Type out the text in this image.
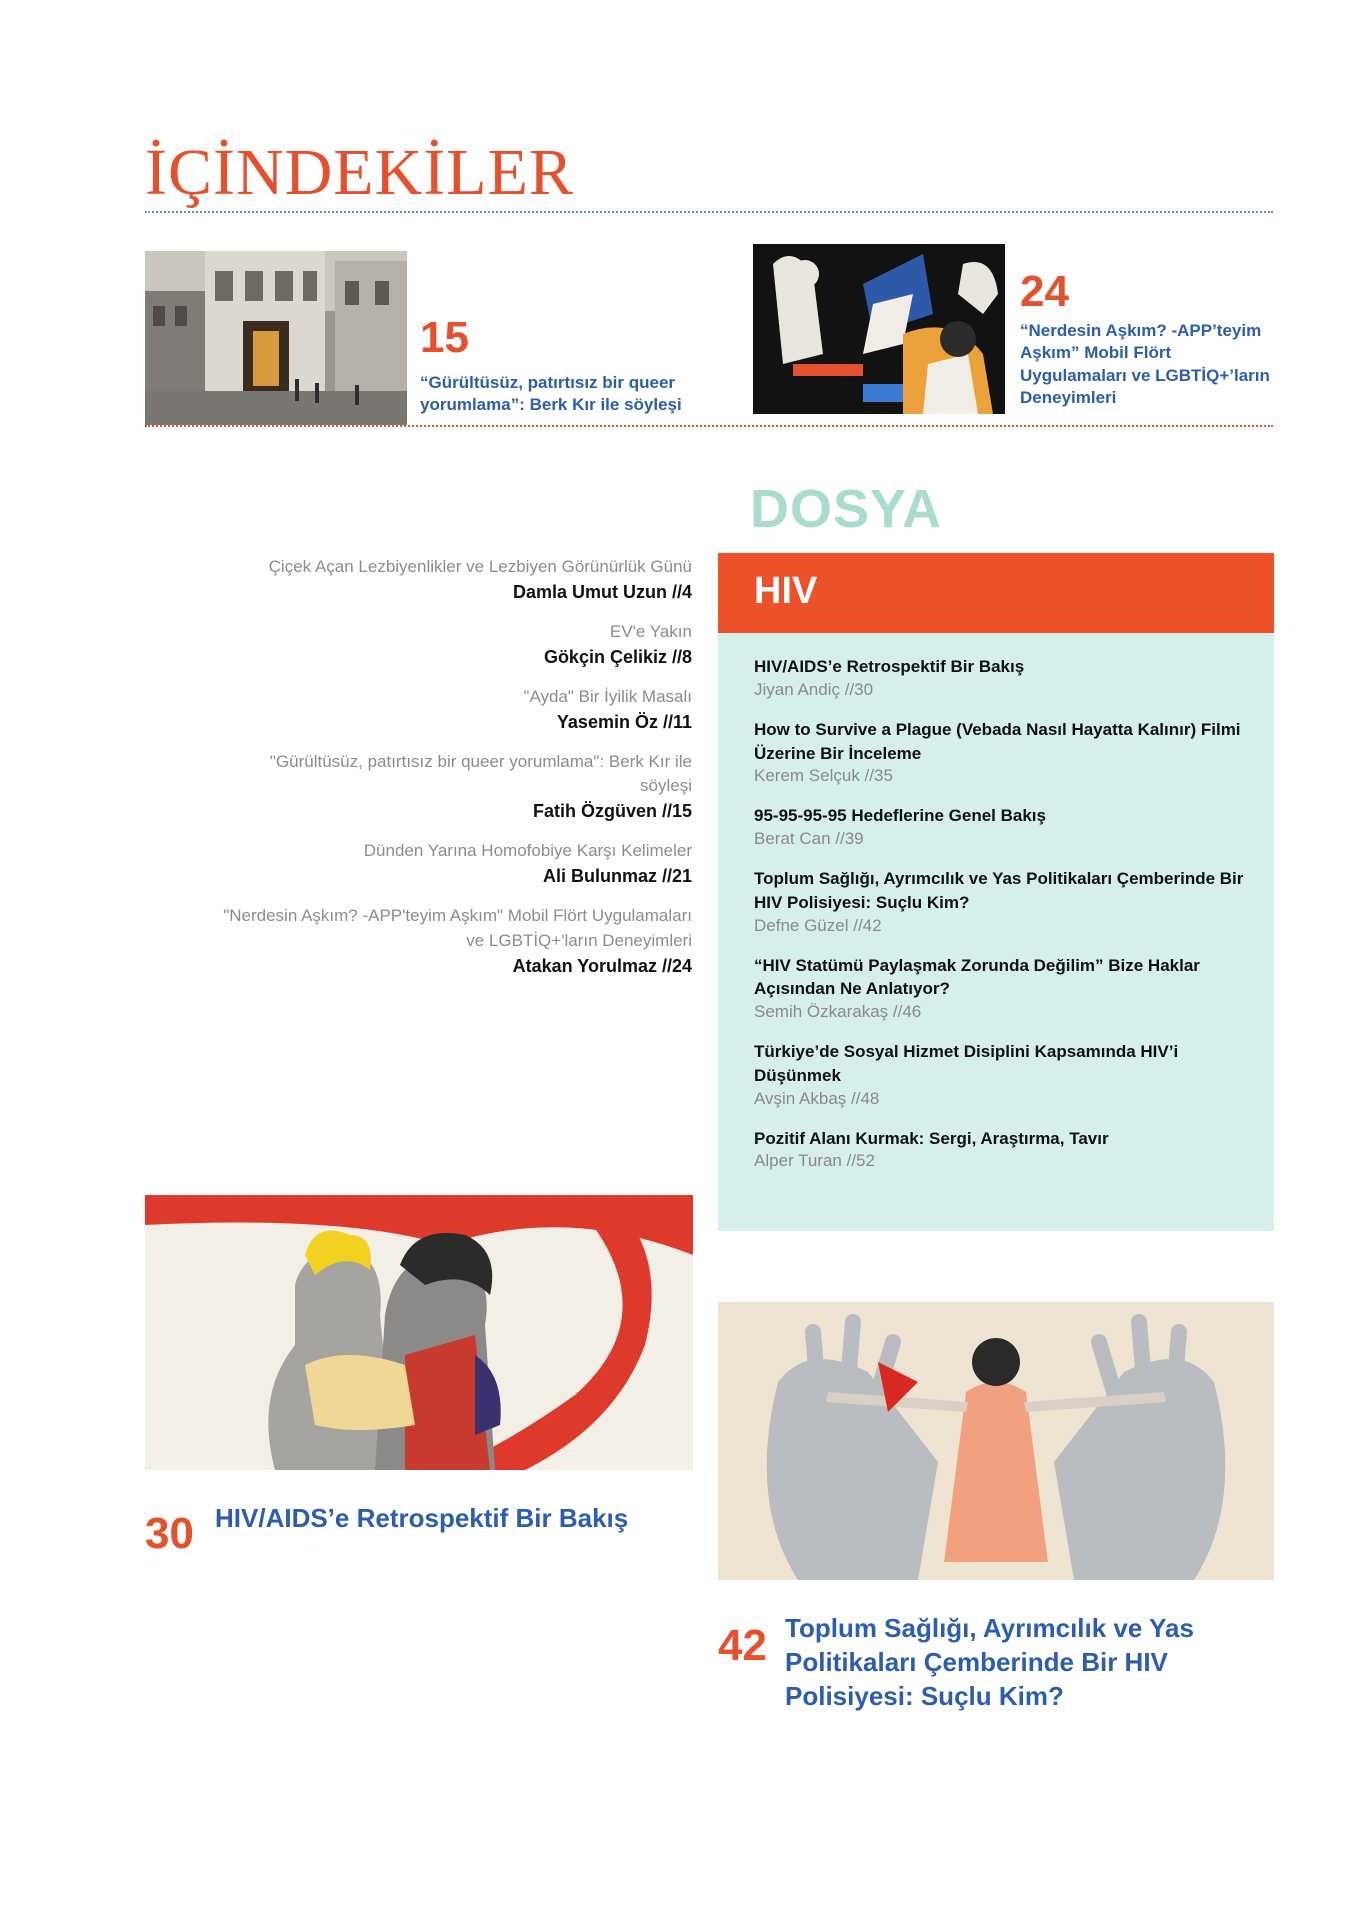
İÇİNDEKİLER
15
“Gürültüsüz, patırtısız bir queer yorumlama”: Berk Kır ile söyleşi
24
“Nerdesin Aşkım? -APP’teyim Aşkım” Mobil Flört Uygulamaları ve LGBTİQ+’ların Deneyimleri
DOSYA
HIV
HIV/AIDS’e Retrospektif Bir Bakış
Jiyan Andiç //30
How to Survive a Plague (Vebada Nasıl Hayatta Kalınır) Filmi Üzerine Bir İnceleme
Kerem Selçuk //35
95-95-95-95 Hedeflerine Genel Bakış
Berat Can //39
Toplum Sağlığı, Ayrımcılık ve Yas Politikaları Çemberinde Bir HIV Polisiyesi: Suçlu Kim?
Defne Güzel //42
“HIV Statümü Paylaşmak Zorunda Değilim” Bize Haklar Açısından Ne Anlatıyor?
Semih Özkarakaş //46
Türkiye’de Sosyal Hizmet Disiplini Kapsamında HIV’i Düşünmek
Avşin Akbaş //48
Pozitif Alanı Kurmak: Sergi, Araştırma, Tavır
Alper Turan //52
Çiçek Açan Lezbiyenlikler ve Lezbiyen Görünürlük Günü
Damla Umut Uzun //4
EV'e Yakın
Gökçin Çelikiz //8
"Ayda" Bir İyilik Masalı
Yasemin Öz //11
"Gürültüsüz, patırtısız bir queer yorumlama": Berk Kır ile söyleşi
Fatih Özgüven //15
Dünden Yarına Homofobiye Karşı Kelimeler
Ali Bulunmaz //21
"Nerdesin Aşkım? -APP'teyim Aşkım" Mobil Flört Uygulamaları ve LGBTİQ+'ların Deneyimleri
Atakan Yorulmaz //24
30 HIV/AIDS’e Retrospektif Bir Bakış
42 Toplum Sağlığı, Ayrımcılık ve Yas Politikaları Çemberinde Bir HIV Polisiyesi: Suçlu Kim?
